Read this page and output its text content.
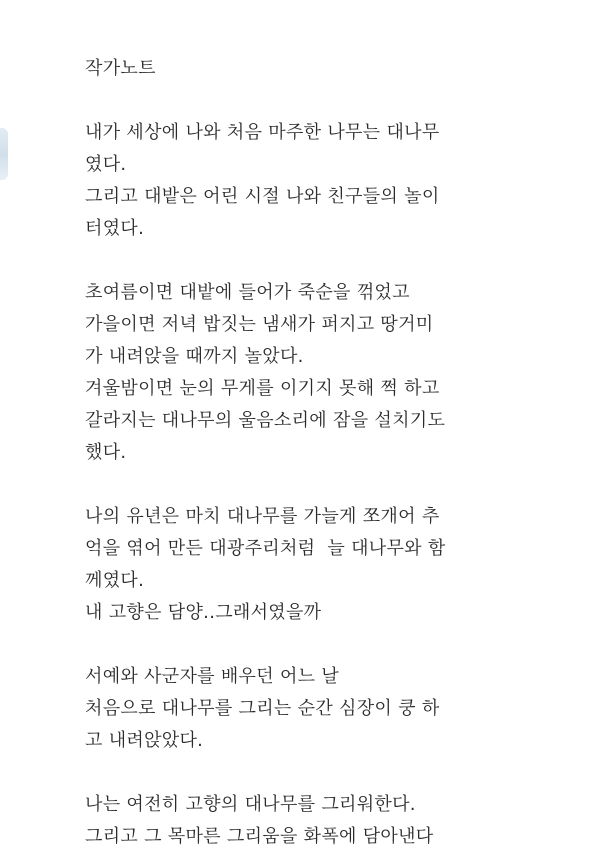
작가노트
내가 세상에 나와 처음 마주한 나무는 대나무
였다.
그리고 대밭은 어린 시절 나와 친구들의 놀이
터였다.
초여름이면 대밭에 들어가 죽순을 꺾었고
가을이면 저녁 밥짓는 냄새가 퍼지고 땅거미
가 내려앉을 때까지 놀았다.
겨울밤이면 눈의 무게를 이기지 못해 쩍 하고
갈라지는 대나무의 울음소리에 잠을 설치기도
했다.
나의 유년은 마치 대나무를 가늘게 쪼개어 추
억을 엮어 만든 대광주리처럼  늘 대나무와 함
께였다.
내 고향은 담양..그래서였을까
서예와 사군자를 배우던 어느 날
처음으로 대나무를 그리는 순간 심장이 쿵 하
고 내려앉았다.
나는 여전히 고향의 대나무를 그리워한다.
그리고 그 목마른 그리움을 화폭에 담아낸다
